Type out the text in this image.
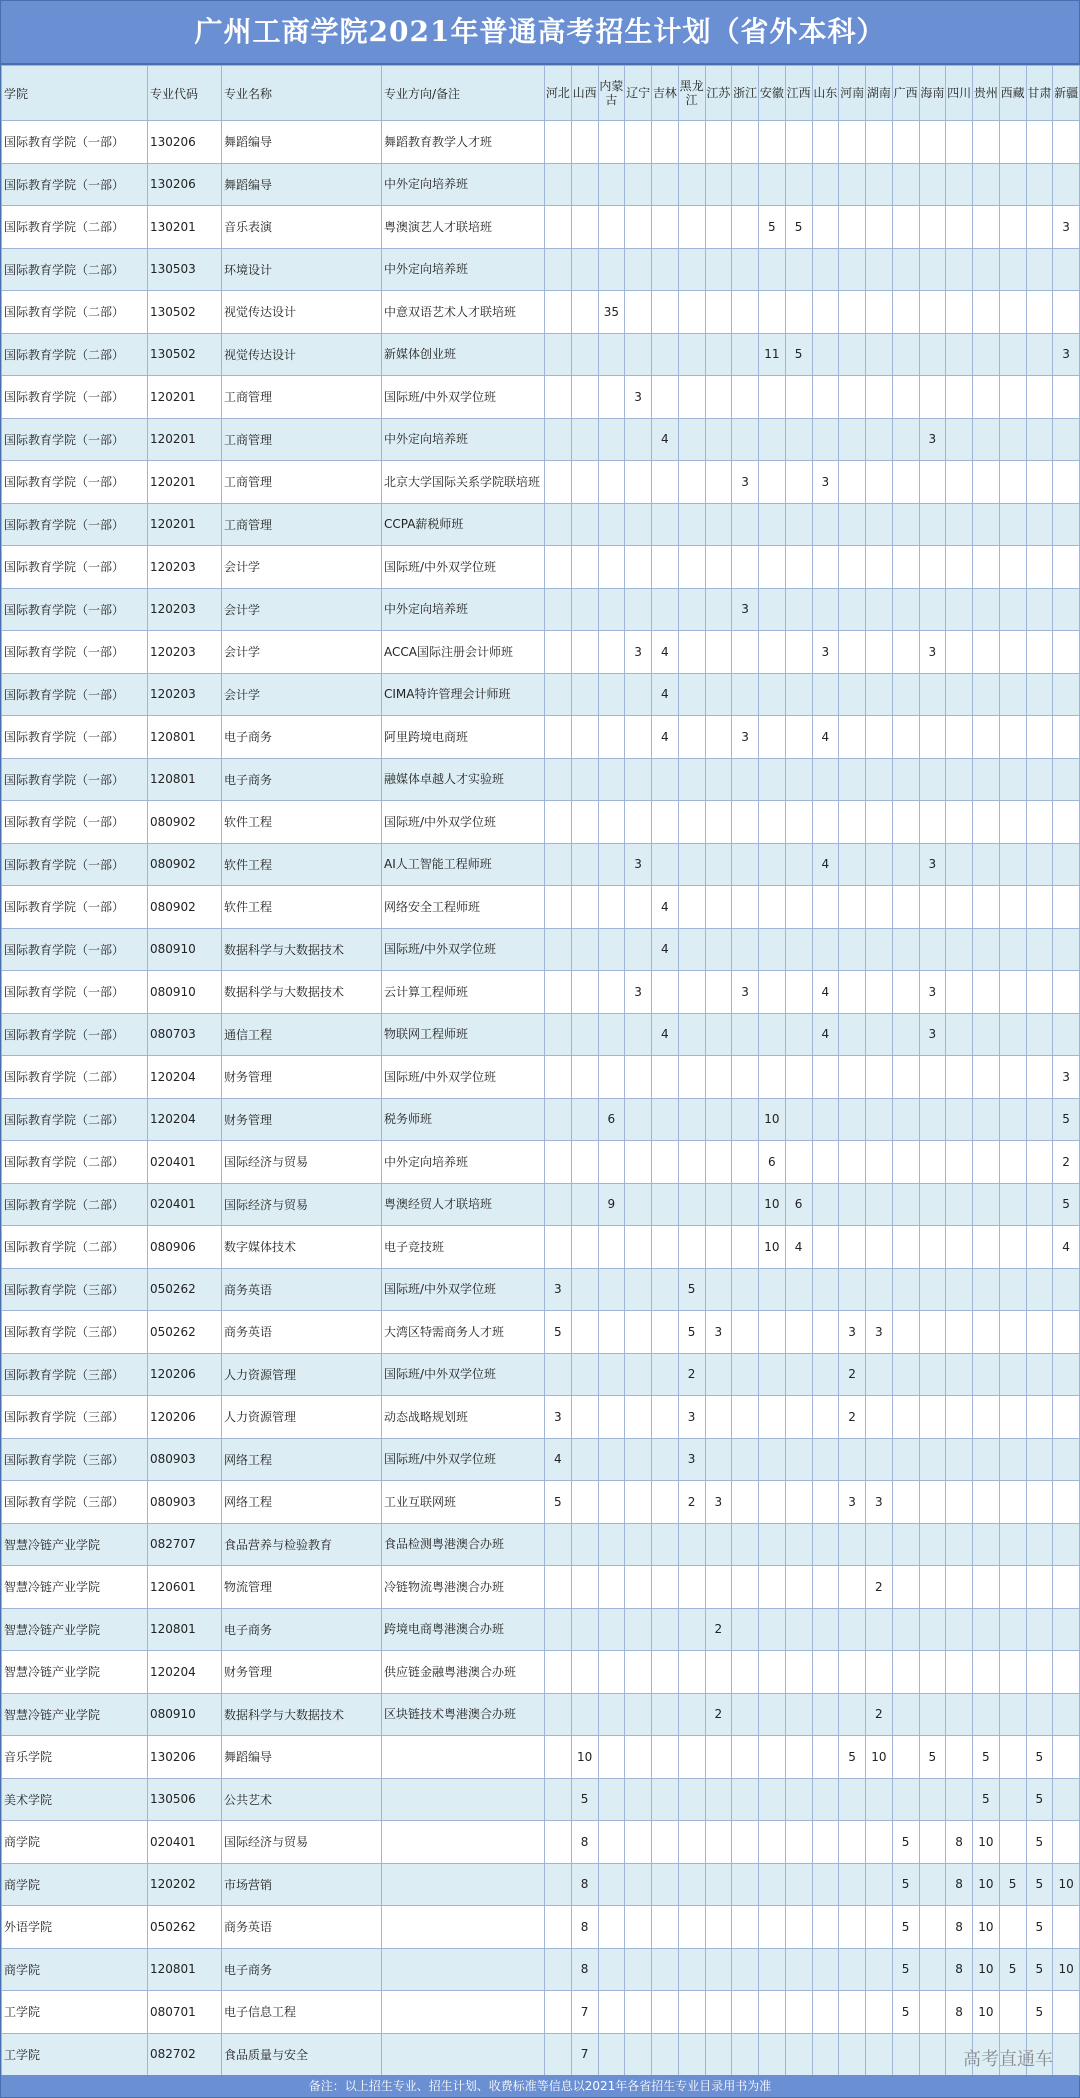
广州工商学院2021年普通高考招生计划（省外本科）
学院	专业代码	专业名称	专业方向/备注	河北	山西	内蒙古	辽宁	吉林	黑龙江	江苏	浙江	安徽	江西	山东	河南	湖南	广西	海南	四川	贵州	西藏	甘肃	新疆
国际教育学院（一部）	130206	舞蹈编导	舞蹈教育教学人才班																				
国际教育学院（一部）	130206	舞蹈编导	中外定向培养班																				
国际教育学院（二部）	130201	音乐表演	粤澳演艺人才联培班									5	5										3
国际教育学院（二部）	130503	环境设计	中外定向培养班																				
国际教育学院（二部）	130502	视觉传达设计	中意双语艺术人才联培班			35																	
国际教育学院（二部）	130502	视觉传达设计	新媒体创业班									11	5										3
国际教育学院（一部）	120201	工商管理	国际班/中外双学位班				3																
国际教育学院（一部）	120201	工商管理	中外定向培养班					4										3					
国际教育学院（一部）	120201	工商管理	北京大学国际关系学院联培班								3			3									
国际教育学院（一部）	120201	工商管理	CCPA薪税师班																				
国际教育学院（一部）	120203	会计学	国际班/中外双学位班																				
国际教育学院（一部）	120203	会计学	中外定向培养班								3												
国际教育学院（一部）	120203	会计学	ACCA国际注册会计师班				3	4						3				3					
国际教育学院（一部）	120203	会计学	CIMA特许管理会计师班					4															
国际教育学院（一部）	120801	电子商务	阿里跨境电商班					4			3			4									
国际教育学院（一部）	120801	电子商务	融媒体卓越人才实验班																				
国际教育学院（一部）	080902	软件工程	国际班/中外双学位班																				
国际教育学院（一部）	080902	软件工程	AI人工智能工程师班				3							4				3					
国际教育学院（一部）	080902	软件工程	网络安全工程师班					4															
国际教育学院（一部）	080910	数据科学与大数据技术	国际班/中外双学位班					4															
国际教育学院（一部）	080910	数据科学与大数据技术	云计算工程师班				3				3			4				3					
国际教育学院（一部）	080703	通信工程	物联网工程师班					4						4				3					
国际教育学院（二部）	120204	财务管理	国际班/中外双学位班																				3
国际教育学院（二部）	120204	财务管理	税务师班			6						10											5
国际教育学院（二部）	020401	国际经济与贸易	中外定向培养班									6											2
国际教育学院（二部）	020401	国际经济与贸易	粤澳经贸人才联培班			9						10	6										5
国际教育学院（二部）	080906	数字媒体技术	电子竞技班									10	4										4
国际教育学院（三部）	050262	商务英语	国际班/中外双学位班	3					5														
国际教育学院（三部）	050262	商务英语	大湾区特需商务人才班	5					5	3					3	3							
国际教育学院（三部）	120206	人力资源管理	国际班/中外双学位班						2						2								
国际教育学院（三部）	120206	人力资源管理	动态战略规划班	3					3						2								
国际教育学院（三部）	080903	网络工程	国际班/中外双学位班	4					3														
国际教育学院（三部）	080903	网络工程	工业互联网班	5					2	3					3	3							
智慧冷链产业学院	082707	食品营养与检验教育	食品检测粤港澳合办班																				
智慧冷链产业学院	120601	物流管理	冷链物流粤港澳合办班													2							
智慧冷链产业学院	120801	电子商务	跨境电商粤港澳合办班							2													
智慧冷链产业学院	120204	财务管理	供应链金融粤港澳合办班																				
智慧冷链产业学院	080910	数据科学与大数据技术	区块链技术粤港澳合办班							2						2							
音乐学院	130206	舞蹈编导			10										5	10		5		5		5	
美术学院	130506	公共艺术			5															5		5	
商学院	020401	国际经济与贸易			8												5		8	10		5	
商学院	120202	市场营销			8												5		8	10	5	5	10
外语学院	050262	商务英语			8												5		8	10		5	
商学院	120801	电子商务			8												5		8	10	5	5	10
工学院	080701	电子信息工程			7												5		8	10		5	
工学院	082702	食品质量与安全			7																			高考直通车
备注：以上招生专业、招生计划、收费标准等信息以2021年各省招生专业目录用书为准
